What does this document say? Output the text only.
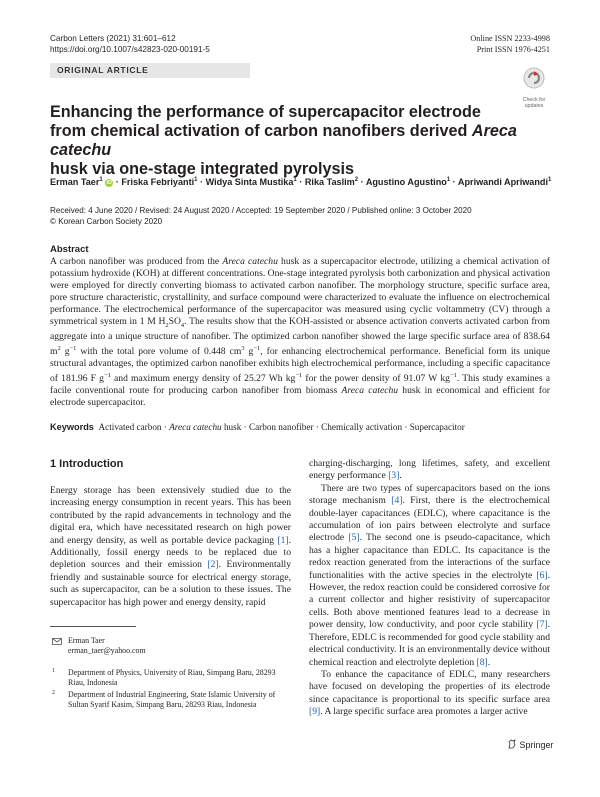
Carbon Letters (2021) 31:601–612
https://doi.org/10.1007/s42823-020-00191-5
Online ISSN 2233-4998
Print ISSN 1976-4251
ORIGINAL ARTICLE
Check for
updates
Enhancing the performance of supercapacitor electrode
from chemical activation of carbon nanofibers derived Areca catechu
husk via one-stage integrated pyrolysis
Erman Taer$^1$ iD · Friska Febriyanti$^1$ · Widya Sinta Mustika$^1$ · Rika Taslim$^2$ · Agustino Agustino$^1$ · Apriwandi Apriwandi$^1$
Received: 4 June 2020 / Revised: 24 August 2020 / Accepted: 19 September 2020 / Published online: 3 October 2020
© Korean Carbon Society 2020
Abstract
A carbon nanofiber was produced from the Areca catechu husk as a supercapacitor electrode, utilizing a chemical activation of potassium hydroxide (KOH) at different concentrations. One-stage integrated pyrolysis both carbonization and physical activation were employed for directly converting biomass to activated carbon nanofiber. The morphology structure, specific surface area, pore structure characteristic, crystallinity, and surface compound were characterized to evaluate the influence on electrochemical performance. The electrochemical performance of the supercapacitor was measured using cyclic voltammetry (CV) through a symmetrical system in 1 M $H_2SO_4$. The results show that the KOH-assisted or absence activation converts activated carbon from aggregate into a unique structure of nanofiber. The optimized carbon nanofiber showed the large specific surface area of 838.64 $m^2$ $g^{-1}$ with the total pore volume of 0.448 $cm^3$ $g^{-1}$, for enhancing electrochemical performance. Beneficial form its unique structural advantages, the optimized carbon nanofiber exhibits high electrochemical performance, including a specific capacitance of 181.96 F $g^{-1}$ and maximum energy density of 25.27 Wh $kg^{-1}$ for the power density of 91.07 W $kg^{-1}$. This study examines a facile conventional route for producing carbon nanofiber from biomass Areca catechu husk in economical and efficient for electrode supercapacitor.
Keywords Activated carbon · Areca catechu husk · Carbon nanofiber · Chemically activation · Supercapacitor
1 Introduction

Energy storage has been extensively studied due to the increasing energy consumption in recent years. This has been contributed by the rapid advancements in technology and the digital era, which have necessitated research on high power and energy density, as well as portable device packaging [1]. Additionally, fossil energy needs to be replaced due to depletion sources and their emission [2]. Environmentally friendly and sustainable source for electrical energy storage, such as supercapacitor, can be a solution to these issues. The supercapacitor has high power and energy density, rapid

Erman Taer
erman_taer@yahoo.com
1	Department of Physics, University of Riau, Simpang Baru, 28293 Riau, Indonesia
2	Department of Industrial Engineering, State Islamic University of Sultan Syarif Kasim, Simpang Baru, 28293 Riau, Indonesia

charging-discharging, long lifetimes, safety, and excellent energy performance [3].

There are two types of supercapacitors based on the ions storage mechanism [4]. First, there is the electrochemical double-layer capacitances (EDLC), where capacitance is the accumulation of ion pairs between electrolyte and surface electrode [5]. The second one is pseudo-capacitance, which has a higher capacitance than EDLC. Its capacitance is the redox reaction generated from the interactions of the surface functionalities with the active species in the electrolyte [6]. However, the redox reaction could be considered corrosive for a current collector and higher resistivity of supercapacitor cells. Both above mentioned features lead to a decrease in power density, low conductivity, and poor cycle stability [7]. Therefore, EDLC is recommended for good cycle stability and electrical conductivity. It is an environmentally device without chemical reaction and electrolyte depletion [8].

To enhance the capacitance of EDLC, many researchers have focused on developing the properties of its electrode since capacitance is proportional to its specific surface area [9]. A large specific surface area promotes a larger active

Springer
